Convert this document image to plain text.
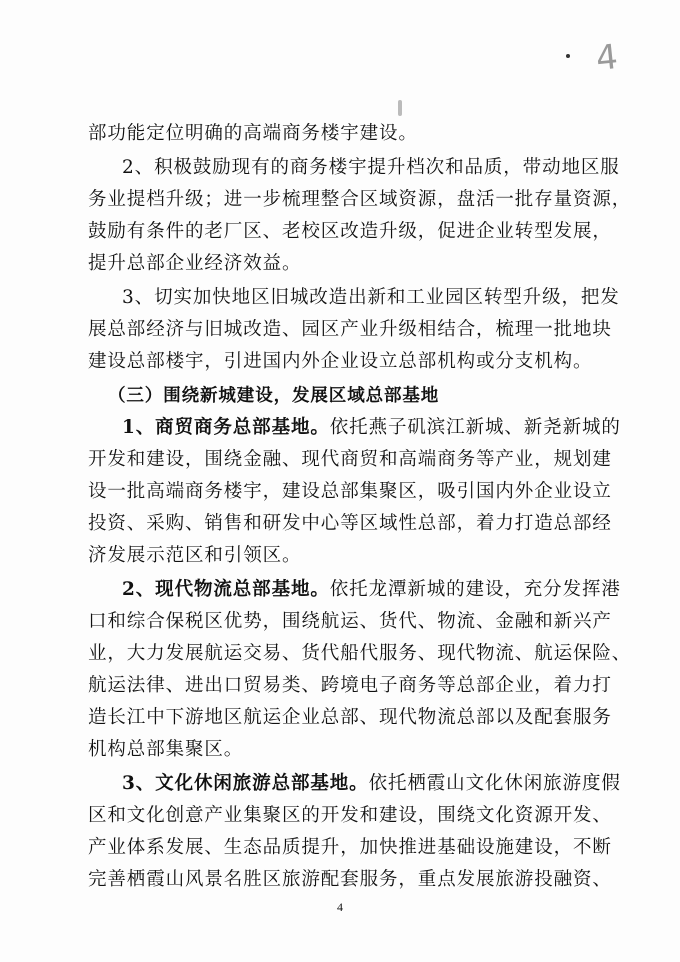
4
部功能定位明确的高端商务楼宇建设。
2、积极鼓励现有的商务楼宇提升档次和品质，带动地区服
务业提档升级；进一步梳理整合区域资源，盘活一批存量资源，
鼓励有条件的老厂区、老校区改造升级，促进企业转型发展，
提升总部企业经济效益。
3、切实加快地区旧城改造出新和工业园区转型升级，把发
展总部经济与旧城改造、园区产业升级相结合，梳理一批地块
建设总部楼宇，引进国内外企业设立总部机构或分支机构。
（三）围绕新城建设，发展区域总部基地
1、商贸商务总部基地。依托燕子矶滨江新城、新尧新城的
开发和建设，围绕金融、现代商贸和高端商务等产业，规划建
设一批高端商务楼宇，建设总部集聚区，吸引国内外企业设立
投资、采购、销售和研发中心等区域性总部，着力打造总部经
济发展示范区和引领区。
2、现代物流总部基地。依托龙潭新城的建设，充分发挥港
口和综合保税区优势，围绕航运、货代、物流、金融和新兴产
业，大力发展航运交易、货代船代服务、现代物流、航运保险、
航运法律、进出口贸易类、跨境电子商务等总部企业，着力打
造长江中下游地区航运企业总部、现代物流总部以及配套服务
机构总部集聚区。
3、文化休闲旅游总部基地。依托栖霞山文化休闲旅游度假
区和文化创意产业集聚区的开发和建设，围绕文化资源开发、
产业体系发展、生态品质提升，加快推进基础设施建设，不断
完善栖霞山风景名胜区旅游配套服务，重点发展旅游投融资、
4
